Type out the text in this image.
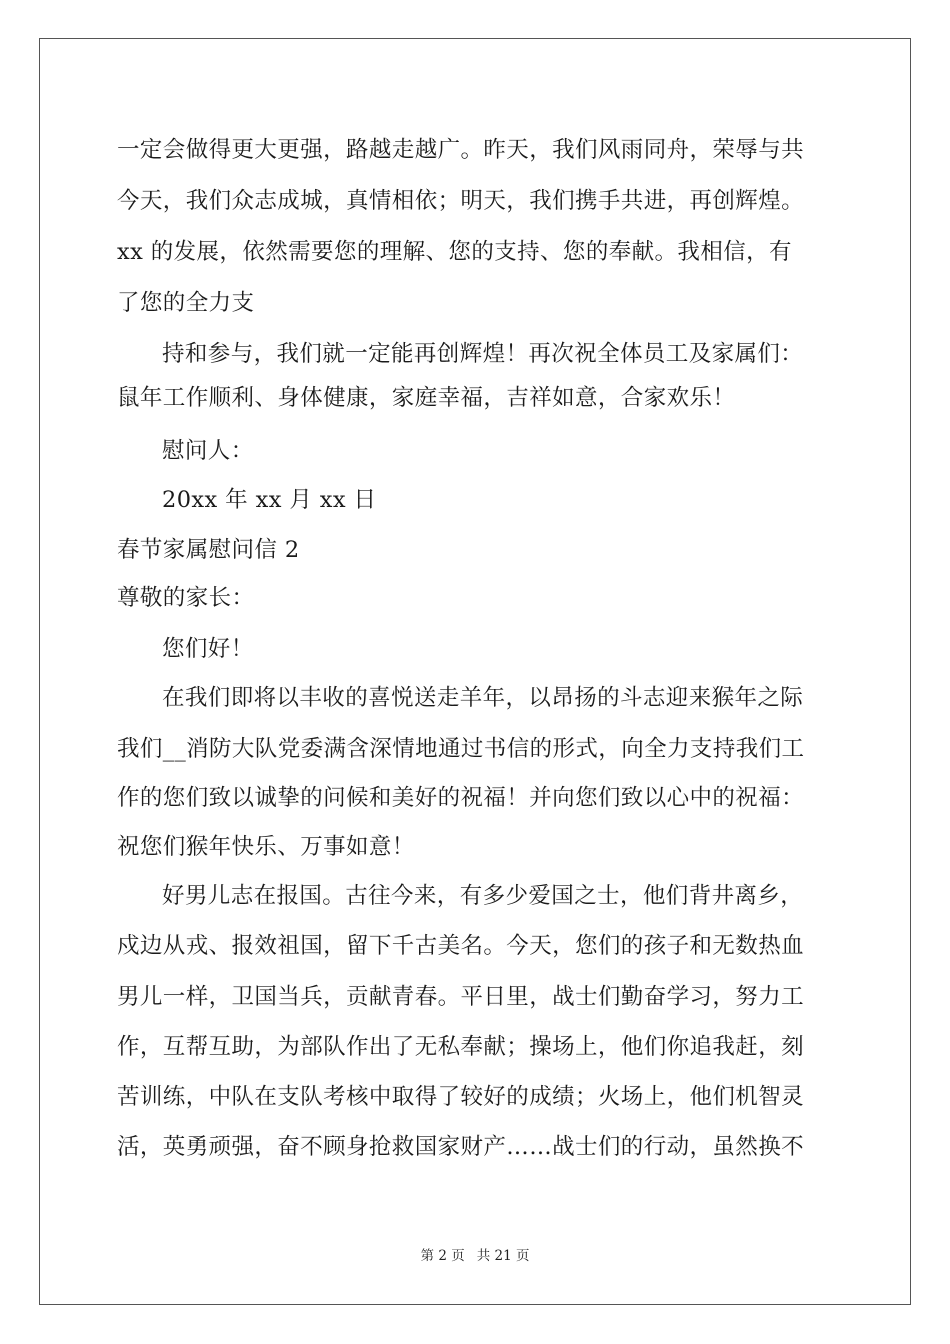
一定会做得更大更强，路越走越广。昨天，我们风雨同舟，荣辱与共
今天，我们众志成城，真情相依；明天，我们携手共进，再创辉煌。
xx 的发展，依然需要您的理解、您的支持、您的奉献。我相信，有
了您的全力支
持和参与，我们就一定能再创辉煌！再次祝全体员工及家属们：
鼠年工作顺利、身体健康，家庭幸福，吉祥如意，合家欢乐！
慰问人：
20xx 年 xx 月 xx 日
春节家属慰问信 2
尊敬的家长：
您们好！
在我们即将以丰收的喜悦送走羊年，以昂扬的斗志迎来猴年之际
我们__消防大队党委满含深情地通过书信的形式，向全力支持我们工
作的您们致以诚挚的问候和美好的祝福！并向您们致以心中的祝福：
祝您们猴年快乐、万事如意！
好男儿志在报国。古往今来，有多少爱国之士，他们背井离乡，
戍边从戎、报效祖国，留下千古美名。今天，您们的孩子和无数热血
男儿一样，卫国当兵，贡献青春。平日里，战士们勤奋学习，努力工
作，互帮互助，为部队作出了无私奉献；操场上，他们你追我赶，刻
苦训练，中队在支队考核中取得了较好的成绩；火场上，他们机智灵
活，英勇顽强，奋不顾身抢救国家财产……战士们的行动，虽然换不
第 2 页 共 21 页
